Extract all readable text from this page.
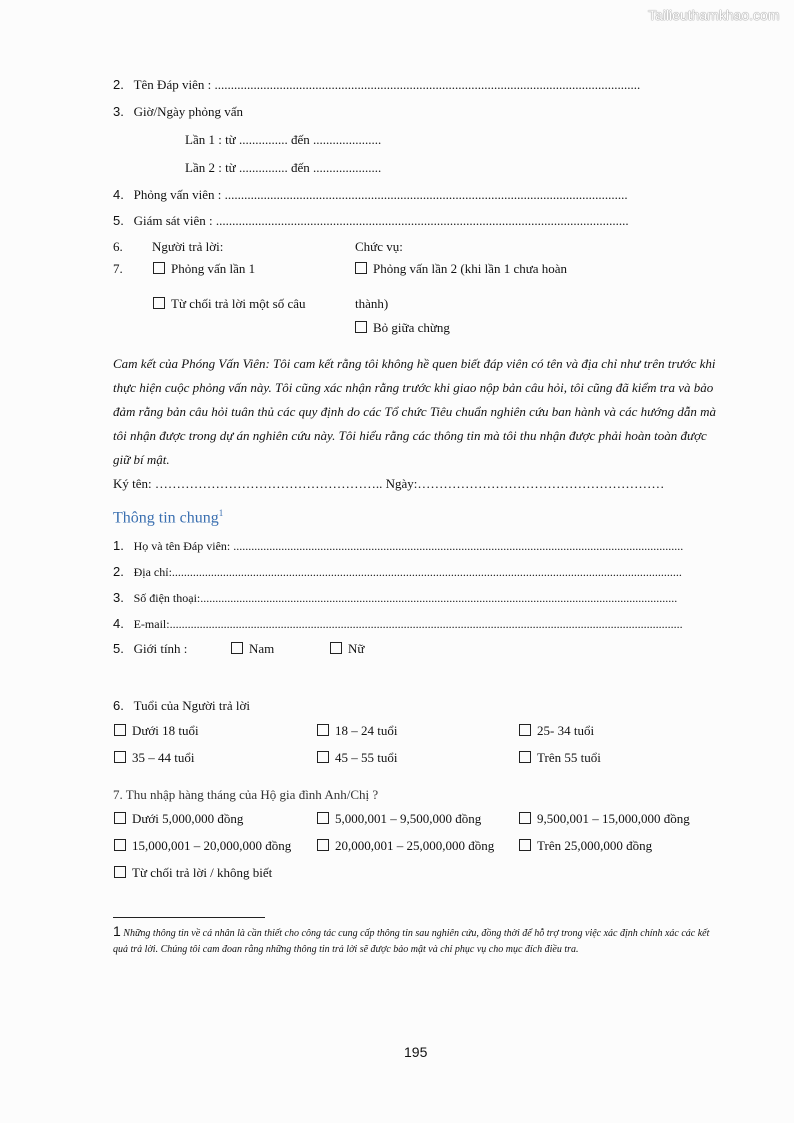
Tailieuthamkhao.com
2. Tên Đáp viên : ...................................................................................................................................
3. Giờ/Ngày phỏng vấn
Lần 1 : từ ............... đến .....................
Lần 2 : từ ............... đến .....................
4. Phỏng vấn viên : ............................................................................................................................
5. Giám sát viên : ...............................................................................................................................
6. Người trả lời:	Chức vụ:
7.	Phỏng vấn lần 1	Phỏng vấn lần 2 (khi lần 1 chưa hoàn
Từ chối trả lời một số câu	thành)
Bỏ giữa chừng
Cam kết của Phóng Vấn Viên: Tôi cam kết rằng tôi không hề quen biết đáp viên có tên và địa chỉ như trên trước khi thực hiện cuộc phỏng vấn này. Tôi cũng xác nhận rằng trước khi giao nộp bản câu hỏi, tôi cũng đã kiểm tra và bảo đảm rằng bản câu hỏi tuân thủ các quy định do các Tổ chức Tiêu chuẩn nghiên cứu ban hành và các hướng dẫn mà tôi nhận được trong dự án nghiên cứu này. Tôi hiểu rằng các thông tin mà tôi thu nhận được phải hoàn toàn được giữ bí mật.
Ký tên: …………………………………………….. Ngày:…………………………………………………
Thông tin chung$^1$
1. Họ và tên Đáp viên: ......................................................................................................................................................
2. Địa chỉ:..........................................................................................................................................................................
3. Số điện thoại:...............................................................................................................................................................
4. E-mail:...........................................................................................................................................................................
5. Giới tính :	Nam	Nữ
6. Tuổi của Người trả lời
Dưới 18 tuổi	18 – 24 tuổi	25- 34 tuổi
35 – 44 tuổi	45 – 55 tuổi	Trên 55 tuổi
7. Thu nhập hàng tháng của Hộ gia đình Anh/Chị ?
Dưới 5,000,000 đồng	5,000,001 – 9,500,000 đồng	9,500,001 – 15,000,000 đồng
15,000,001 – 20,000,000 đồng	20,000,001 – 25,000,000 đồng	Trên 25,000,000 đồng
Từ chối trả lời / không biết
1 Những thông tin về cá nhân là cần thiết cho công tác cung cấp thông tin sau nghiên cứu, đồng thời để hỗ trợ trong việc xác định chính xác các kết quả trả lời. Chúng tôi cam đoan rằng những thông tin trả lời sẽ được bảo mật và chỉ phục vụ cho mục đích điều tra.
195
